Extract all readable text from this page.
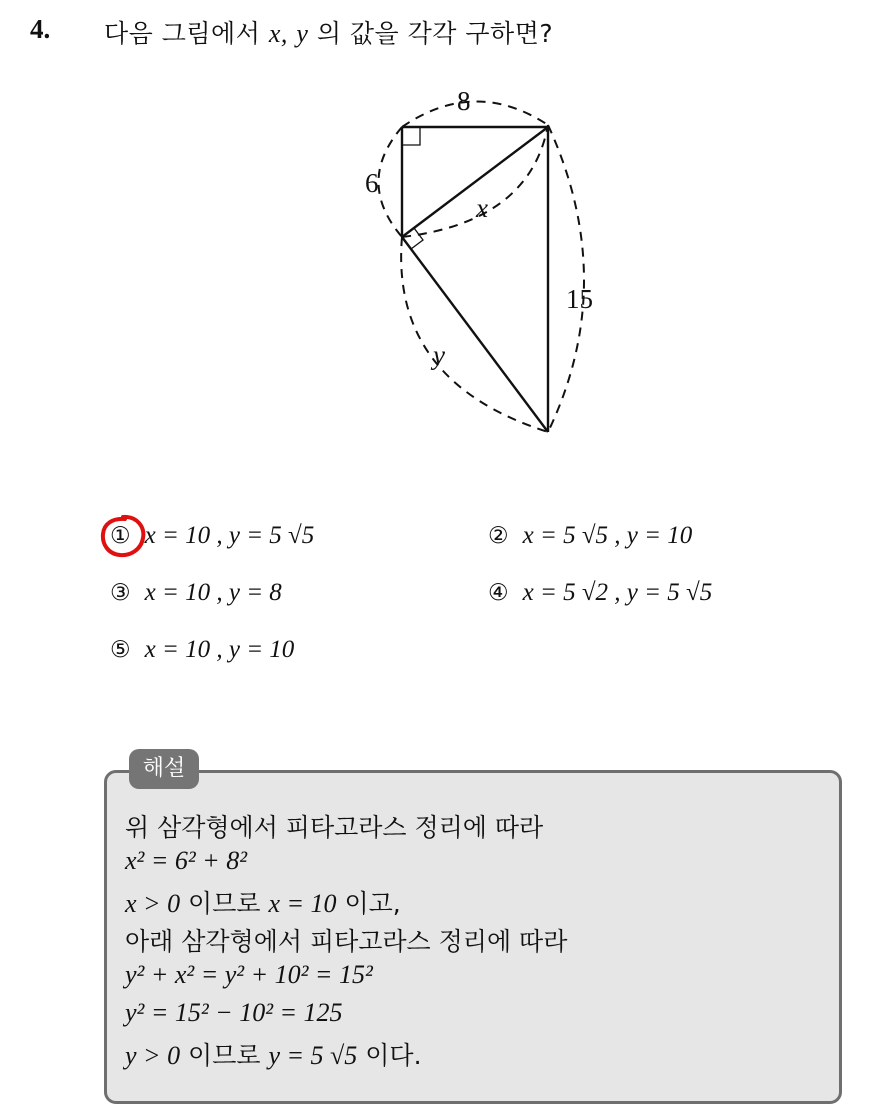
4. 다음 그림에서 x, y 의 값을 각각 구하면?
8
6
x
15
y
① x = 10 , y = 5 √5	② x = 5 √5 , y = 10
③ x = 10 , y = 8	④ x = 5 √2 , y = 5 √5
⑤ x = 10 , y = 10
해설
위 삼각형에서 피타고라스 정리에 따라
x² = 6² + 8²
x > 0 이므로 x = 10 이고,
아래 삼각형에서 피타고라스 정리에 따라
y² + x² = y² + 10² = 15²
y² = 15² − 10² = 125
y > 0 이므로 y = 5 √5 이다.
